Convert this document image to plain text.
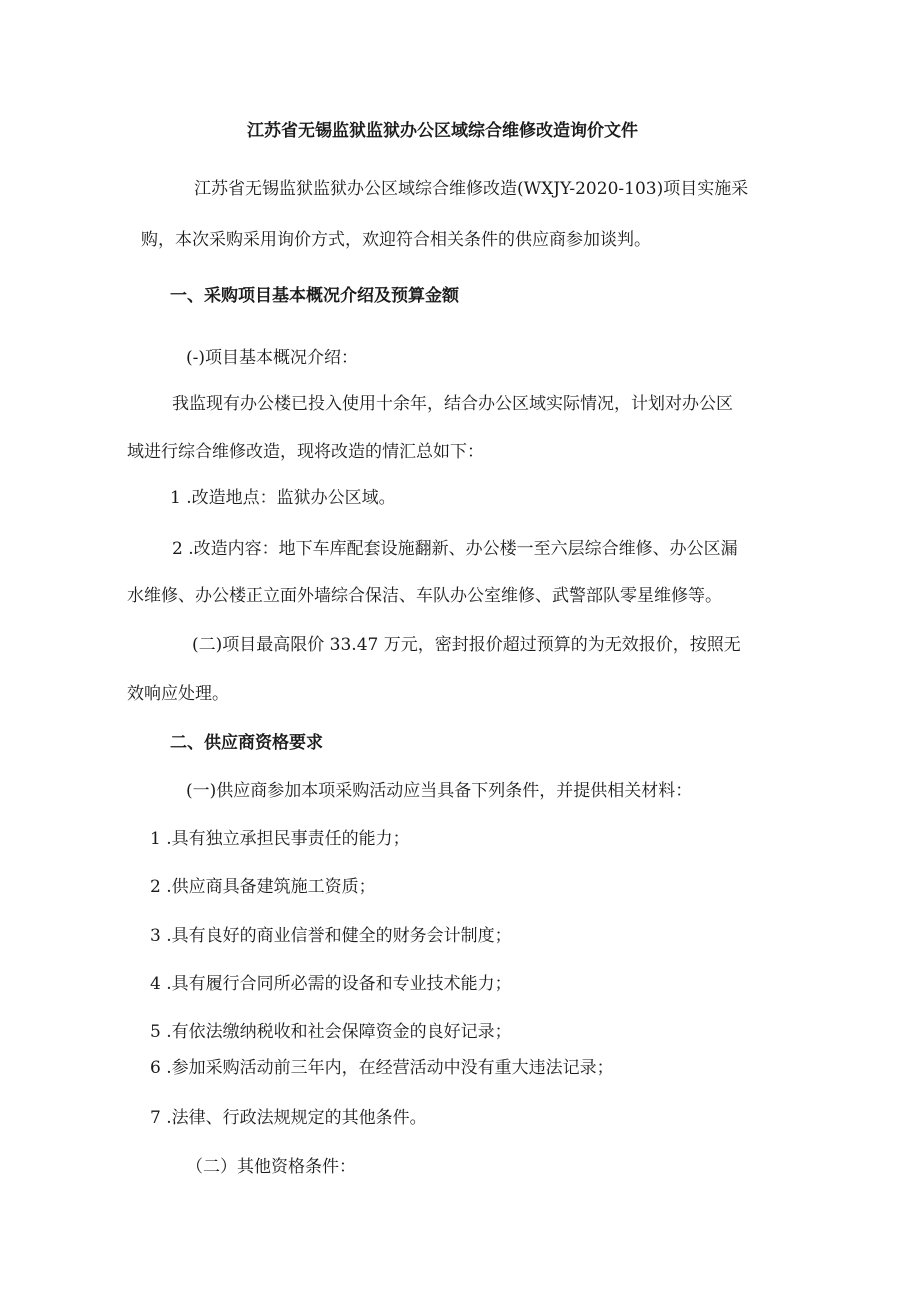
江苏省无锡监狱监狱办公区域综合维修改造询价文件

江苏省无锡监狱监狱办公区域综合维修改造(WXJY-2020-103)项目实施采

购，本次采购采用询价方式，欢迎符合相关条件的供应商参加谈判。

一、采购项目基本概况介绍及预算金额

(-)项目基本概况介绍：

我监现有办公楼已投入使用十余年，结合办公区域实际情况，计划对办公区

域进行综合维修改造，现将改造的情汇总如下：

1 .改造地点：监狱办公区域。

2 .改造内容：地下车库配套设施翻新、办公楼一至六层综合维修、办公区漏

水维修、办公楼正立面外墙综合保洁、车队办公室维修、武警部队零星维修等。

(二)项目最高限价 33.47 万元，密封报价超过预算的为无效报价，按照无

效响应处理。

二、供应商资格要求

(一)供应商参加本项采购活动应当具备下列条件，并提供相关材料：

1 .具有独立承担民事责任的能力；

2 .供应商具备建筑施工资质；

3 .具有良好的商业信誉和健全的财务会计制度；

4 .具有履行合同所必需的设备和专业技术能力；

5 .有依法缴纳税收和社会保障资金的良好记录；

6 .参加采购活动前三年内，在经营活动中没有重大违法记录；

7 .法律、行政法规规定的其他条件。

（二）其他资格条件：
